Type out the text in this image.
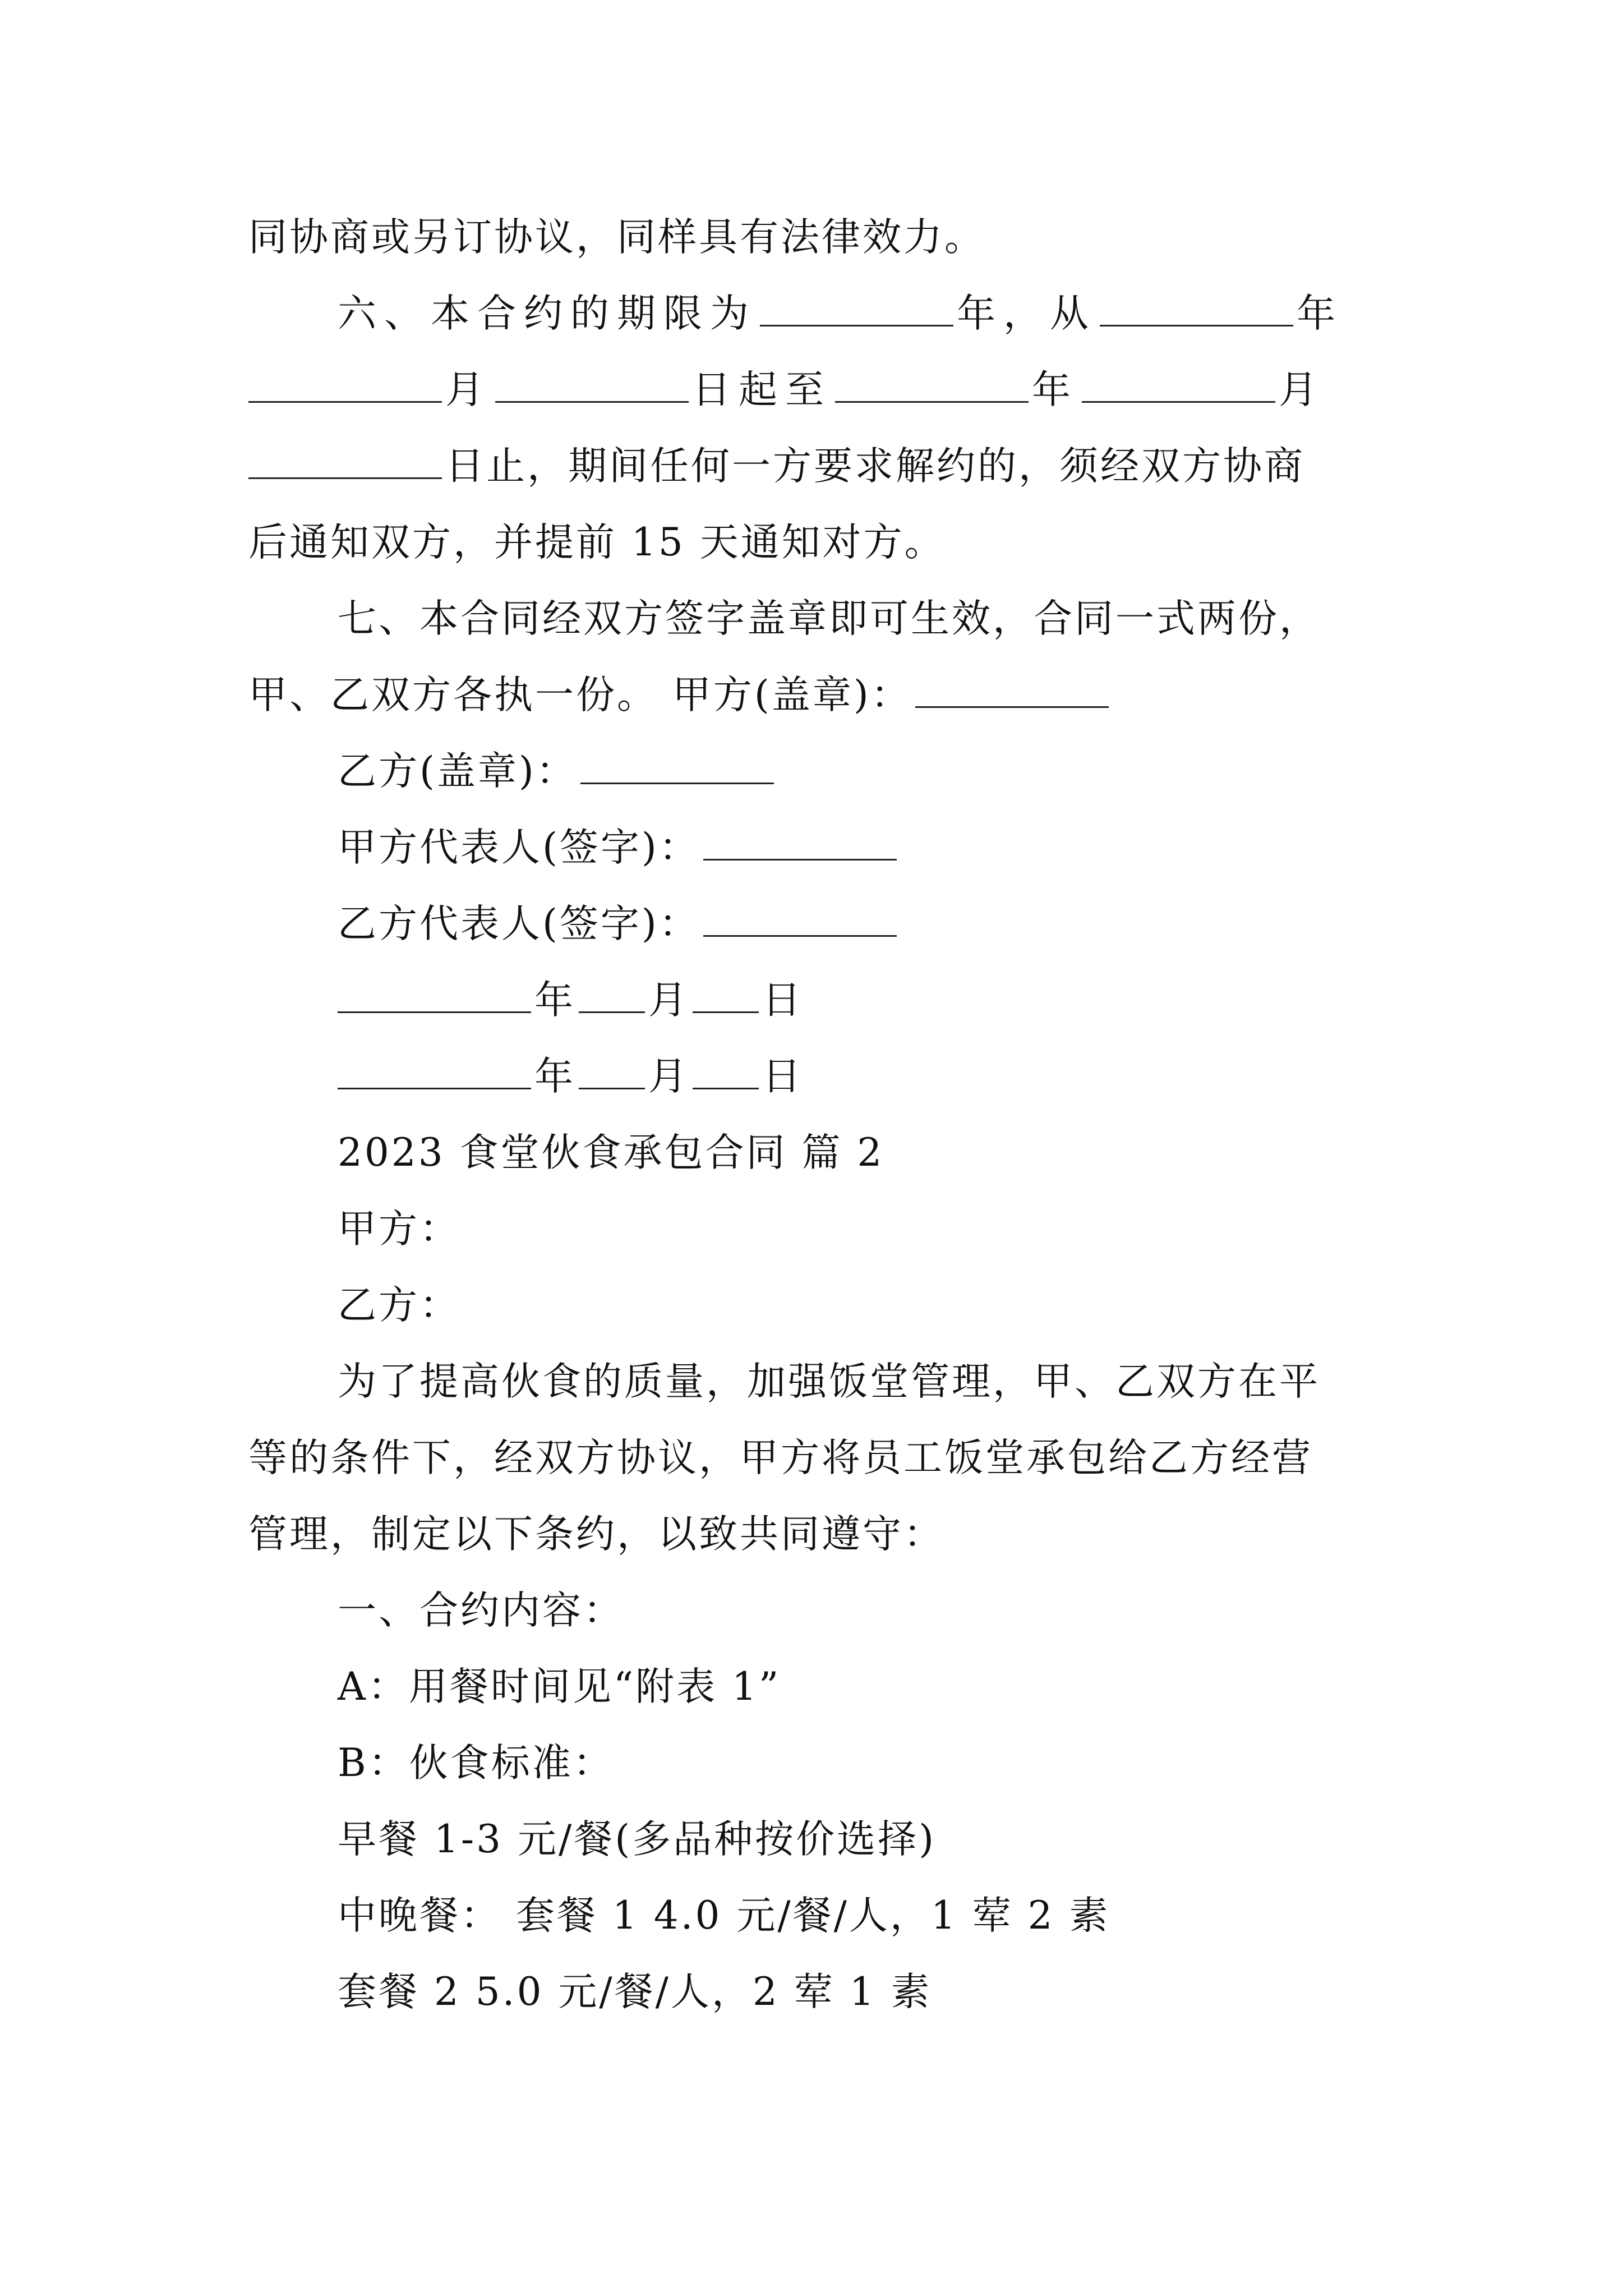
同协商或另订协议，同样具有法律效力。
六、本合约的期限为	年，从	年
月	日起至	年	月
日止，期间任何一方要求解约的，须经双方协商
后通知双方，并提前 15 天通知对方。
七、本合同经双方签字盖章即可生效，合同一式两份，
甲、乙双方各执一份。 甲方(盖章)：
乙方(盖章)：
甲方代表人(签字)：
乙方代表人(签字)：
年 月 日
年 月 日
2023 食堂伙食承包合同 篇 2
甲方：
乙方：
为了提高伙食的质量，加强饭堂管理，甲、乙双方在平
等的条件下，经双方协议，甲方将员工饭堂承包给乙方经营
管理，制定以下条约，以致共同遵守：
一、合约内容：
A：用餐时间见“附表 1”
B：伙食标准：
早餐 1-3 元/餐(多品种按价选择)
中晚餐： 套餐 1 4.0 元/餐/人，1 荤 2 素
套餐 2 5.0 元/餐/人，2 荤 1 素
